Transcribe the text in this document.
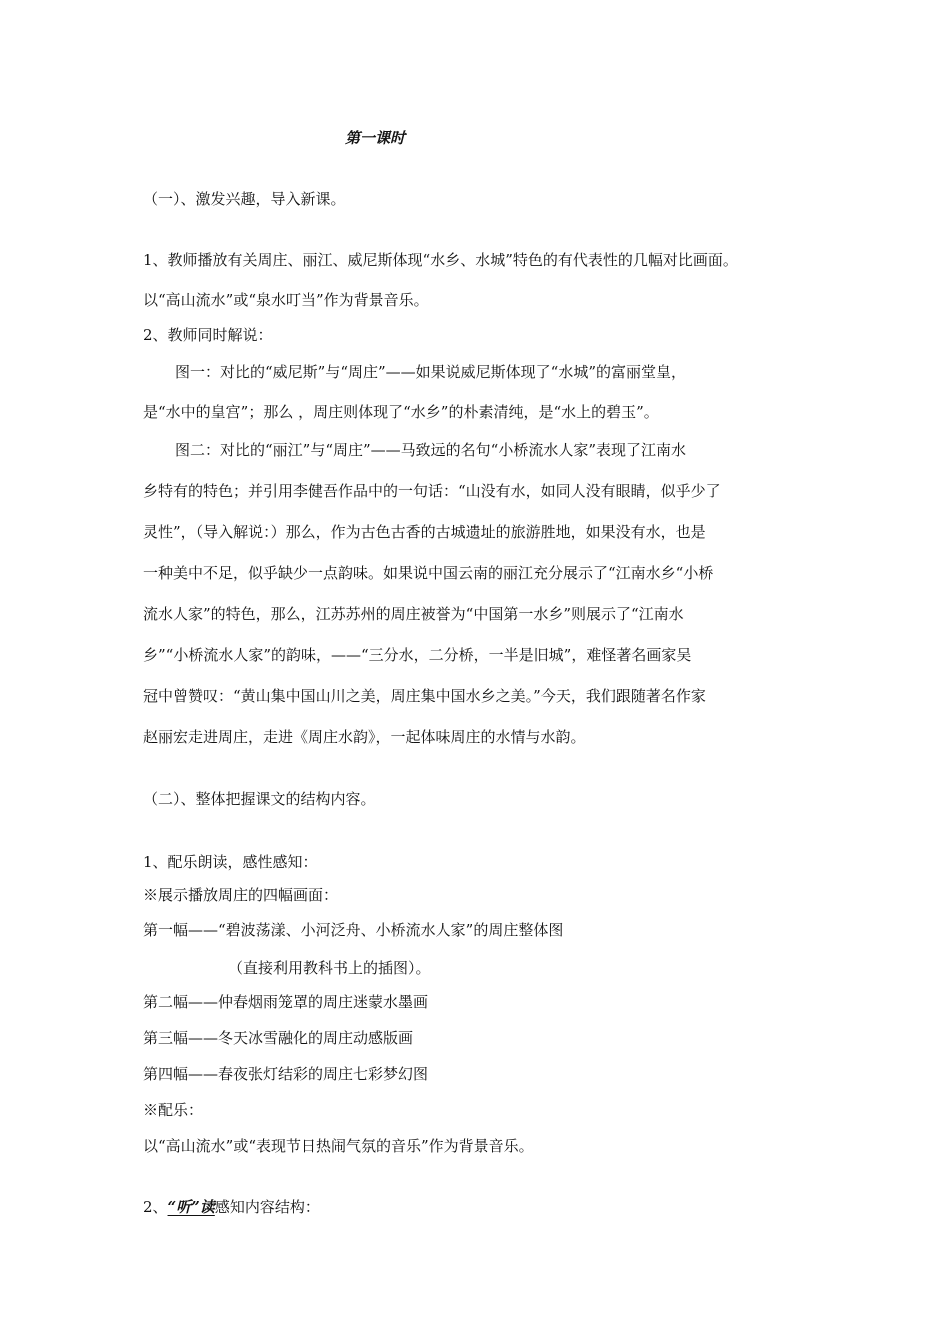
第一课时
（一）、激发兴趣，导入新课。
1、教师播放有关周庄、丽江、威尼斯体现“水乡、水城”特色的有代表性的几幅对比画面。
以“高山流水”或“泉水叮当”作为背景音乐。
2、教师同时解说：
图一：对比的“威尼斯”与“周庄”——如果说威尼斯体现了“水城”的富丽堂皇，
是“水中的皇宫”；那么 ，周庄则体现了“水乡”的朴素清纯，是“水上的碧玉”。
图二：对比的“丽江”与“周庄”——马致远的名句“小桥流水人家”表现了江南水
乡特有的特色；并引用李健吾作品中的一句话：“山没有水，如同人没有眼睛，似乎少了
灵性”，（导入解说：）那么，作为古色古香的古城遗址的旅游胜地，如果没有水，也是
一种美中不足，似乎缺少一点韵味。如果说中国云南的丽江充分展示了“江南水乡“小桥
流水人家”的特色，那么，江苏苏州的周庄被誉为“中国第一水乡”则展示了“江南水
乡”“小桥流水人家”的韵味，——“三分水，二分桥，一半是旧城”，难怪著名画家吴
冠中曾赞叹：“黄山集中国山川之美，周庄集中国水乡之美。”今天，我们跟随著名作家
赵丽宏走进周庄，走进《周庄水韵》，一起体味周庄的水情与水韵。
（二）、整体把握课文的结构内容。
1、配乐朗读，感性感知：
※展示播放周庄的四幅画面：
第一幅——“碧波荡漾、小河泛舟、小桥流水人家”的周庄整体图
（直接利用教科书上的插图）。
第二幅——仲春烟雨笼罩的周庄迷蒙水墨画
第三幅——冬天冰雪融化的周庄动感版画
第四幅——春夜张灯结彩的周庄七彩梦幻图
※配乐：
以“高山流水”或“表现节日热闹气氛的音乐”作为背景音乐。
2、“听”读感知内容结构：
